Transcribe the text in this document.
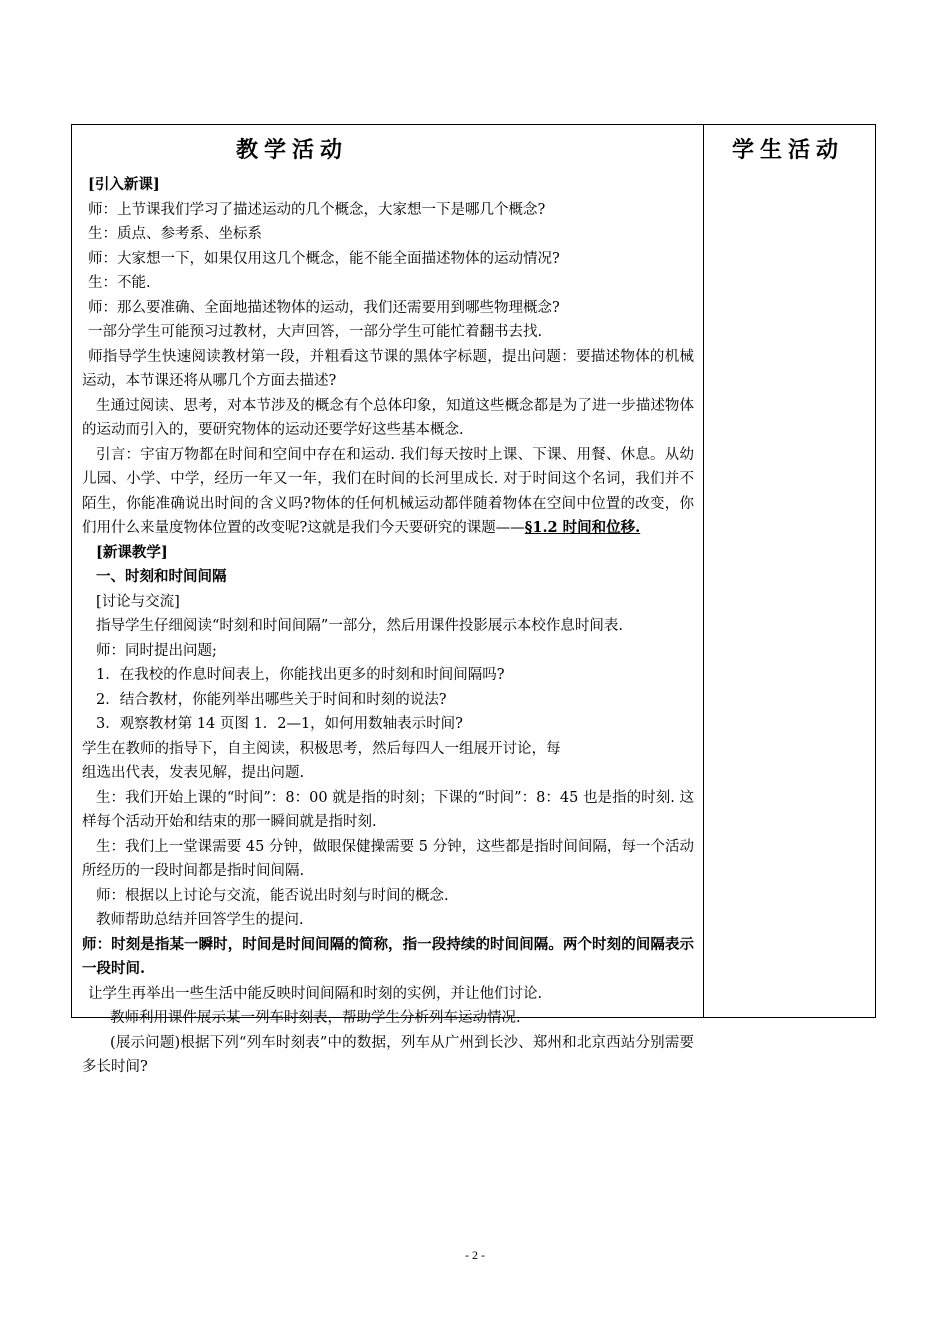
教学活动

[引入新课]

师：上节课我们学习了描述运动的几个概念，大家想一下是哪几个概念?

生：质点、参考系、坐标系

师：大家想一下，如果仅用这几个概念，能不能全面描述物体的运动情况?

生：不能.

师：那么要准确、全面地描述物体的运动，我们还需要用到哪些物理概念?

一部分学生可能预习过教材，大声回答，一部分学生可能忙着翻书去找.

师指导学生快速阅读教材第一段，并粗看这节课的黑体字标题，提出问题：要描述物体的机械运动，本节课还将从哪几个方面去描述?

生通过阅读、思考，对本节涉及的概念有个总体印象，知道这些概念都是为了进一步描述物体的运动而引入的，要研究物体的运动还要学好这些基本概念.

引言：宇宙万物都在时间和空间中存在和运动. 我们每天按时上课、下课、用餐、休息。从幼儿园、小学、中学，经历一年又一年，我们在时间的长河里成长. 对于时间这个名词，我们并不陌生，你能准确说出时间的含义吗?物体的任何机械运动都伴随着物体在空间中位置的改变，你们用什么来量度物体位置的改变呢?这就是我们今天要研究的课题——§1.2 时间和位移.

[新课教学]

一、时刻和时间间隔

[讨论与交流]

指导学生仔细阅读“时刻和时间间隔”一部分，然后用课件投影展示本校作息时间表.

师：同时提出问题;

1．在我校的作息时间表上，你能找出更多的时刻和时间间隔吗?

2．结合教材，你能列举出哪些关于时间和时刻的说法?

3．观察教材第 14 页图 1．2—1，如何用数轴表示时间?

学生在教师的指导下，自主阅读，积极思考，然后每四人一组展开讨论，每

组选出代表，发表见解，提出问题.

生：我们开始上课的“时间”：8：00 就是指的时刻；下课的“时间”：8：45 也是指的时刻. 这样每个活动开始和结束的那一瞬间就是指时刻.

生：我们上一堂课需要 45 分钟，做眼保健操需要 5 分钟，这些都是指时间间隔，每一个活动所经历的一段时间都是指时间间隔.

师：根据以上讨论与交流，能否说出时刻与时间的概念.

教师帮助总结并回答学生的提问.

师：时刻是指某一瞬时，时间是时间间隔的简称，指一段持续的时间间隔。两个时刻的间隔表示一段时间.

让学生再举出一些生活中能反映时间间隔和时刻的实例，并让他们讨论.

教师利用课件展示某一列车时刻表，帮助学生分析列车运动情况.

(展示问题)根据下列“列车时刻表”中的数据，列车从广州到长沙、郑州和北京西站分别需要多长时间?

学生活动
- 2 -
